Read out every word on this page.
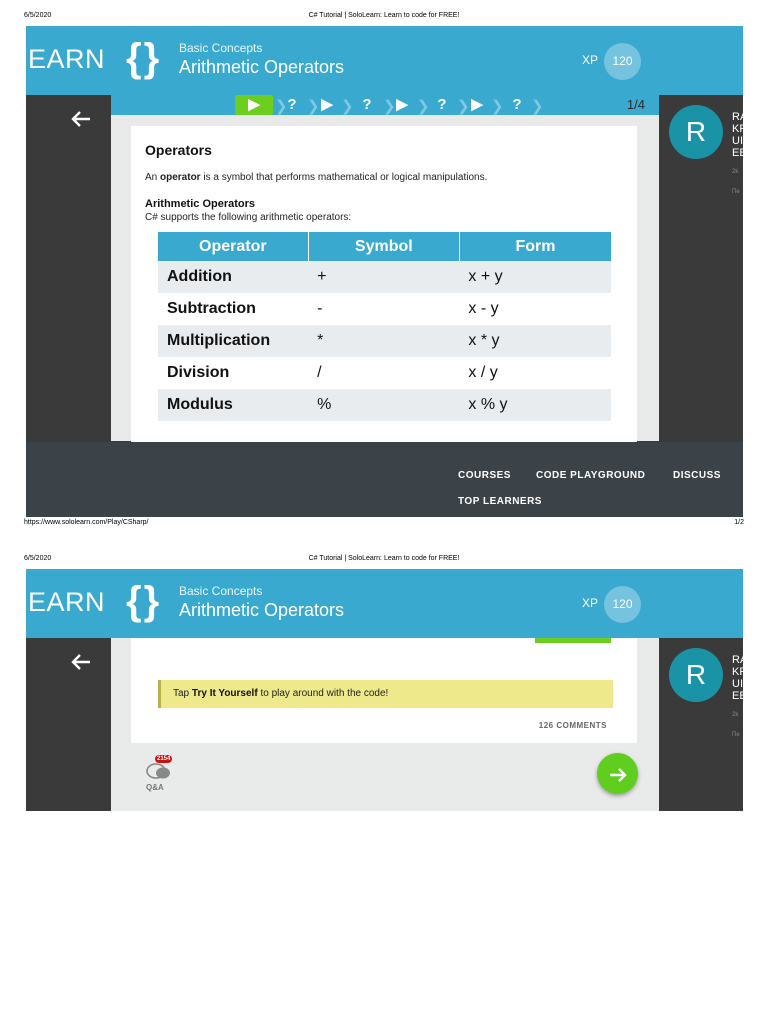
6/5/2020	C# Tutorial | SoloLearn: Learn to code for FREE!
EARN {} Basic Concepts
Arithmetic Operators	XP	120
▶	❯ ? ❯ ▶ ❯ ? ❯ ▶ ❯ ? ❯ ▶ ❯ ? ❯	1/4
Operators
An operator is a symbol that performs mathematical or logical manipulations.
Arithmetic Operators
C# supports the following arithmetic operators:
Operator	Symbol	Form
Addition	+	x + y
Subtraction	-	x - y
Multiplication	*	x * y
Division	/	x / y
Modulus	%	x % y
R	RA KF UI EE
2k
Пе
COURSES	CODE PLAYGROUND	DISCUSS
TOP LEARNERS
https://www.sololearn.com/Play/CSharp/	1/2
6/5/2020	C# Tutorial | SoloLearn: Learn to code for FREE!
EARN {} Basic Concepts
Arithmetic Operators	XP	120
Tap Try It Yourself to play around with the code!
126 COMMENTS
2154
Q&A
R	RA KF UI EE
2k
Пе
